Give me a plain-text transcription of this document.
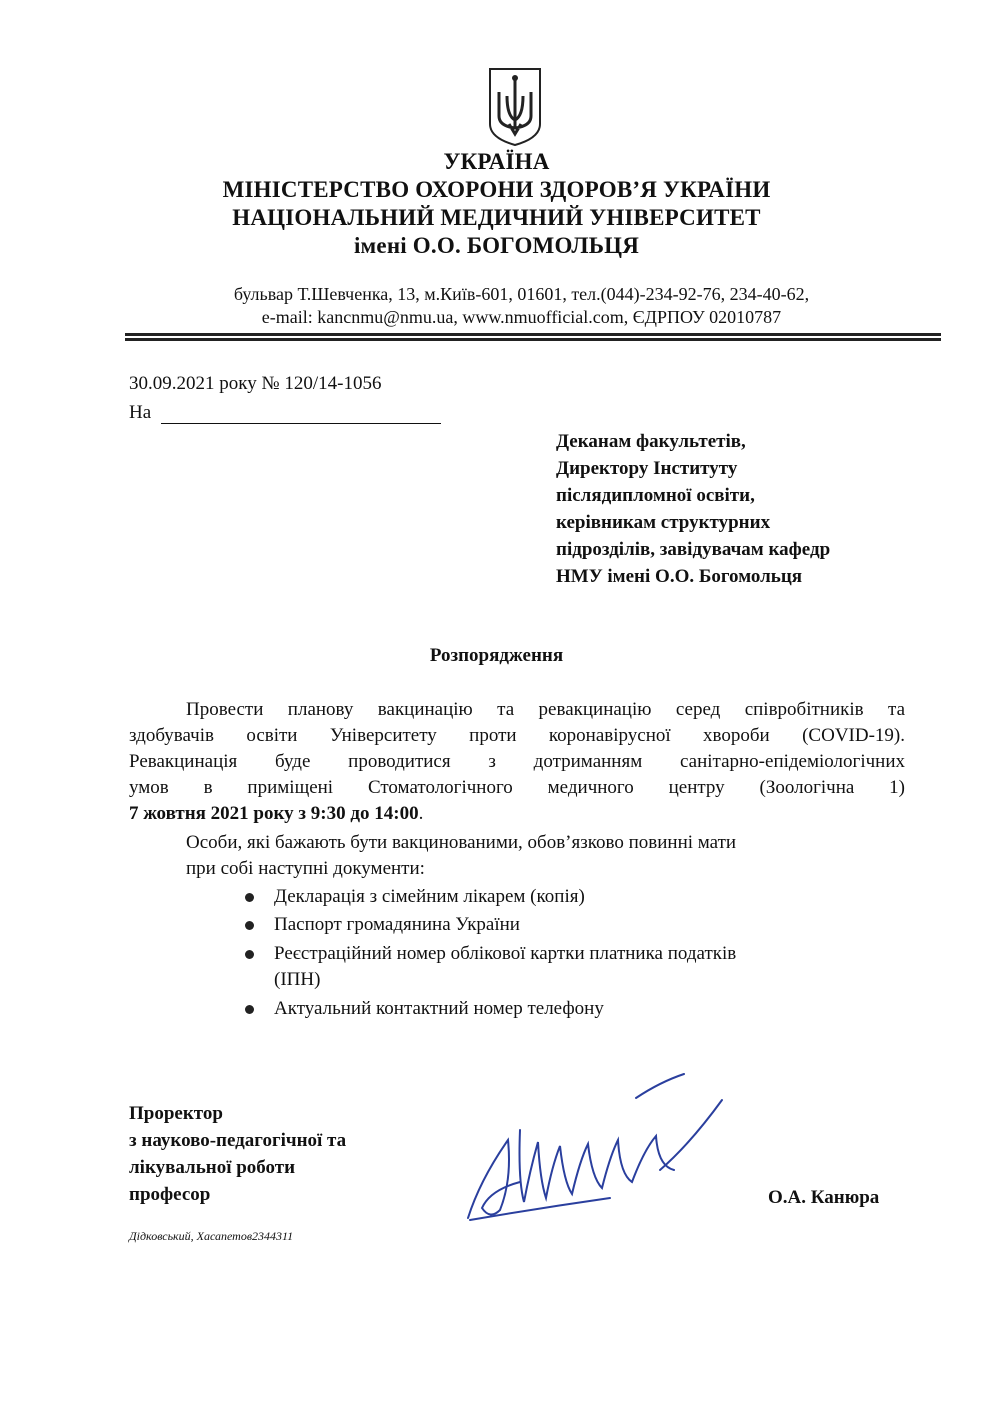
УКРАЇНА
МІНІСТЕРСТВО ОХОРОНИ ЗДОРОВ’Я УКРАЇНИ
НАЦІОНАЛЬНИЙ МЕДИЧНИЙ УНІВЕРСИТЕТ
імені О.О. БОГОМОЛЬЦЯ
бульвар Т.Шевченка, 13, м.Київ-601, 01601, тел.(044)-234-92-76, 234-40-62,
e-mail: kancnmu@nmu.ua, www.nmuofficial.com, ЄДРПОУ 02010787
30.09.2021 року № 120/14-1056
На
Деканам факультетів,
Директору Інституту
післядипломної освіти,
керівникам структурних
підрозділів, завідувачам кафедр
НМУ імені О.О. Богомольця
Розпорядження
Провести планову вакцинацію та ревакцинацію серед співробітників та
здобувачів освіти Університету проти коронавірусної хвороби (COVID-19).
Ревакцинація буде проводитися з дотриманням санітарно-епідеміологічних
умов в приміщені Стоматологічного медичного центру (Зоологічна 1)
7 жовтня 2021 року з 9:30 до 14:00.
Особи, які бажають бути вакцинованими, обов’язково повинні мати
при собі наступні документи:
Декларація з сімейним лікарем (копія)
Паспорт громадянина України
Реєстраційний номер облікової картки платника податків
(ІПН)
Актуальний контактний номер телефону
Проректор
з науково-педагогічної та
лікувальної роботи
професор	О.А. Канюра
Дідковський, Хасапетов2344311
